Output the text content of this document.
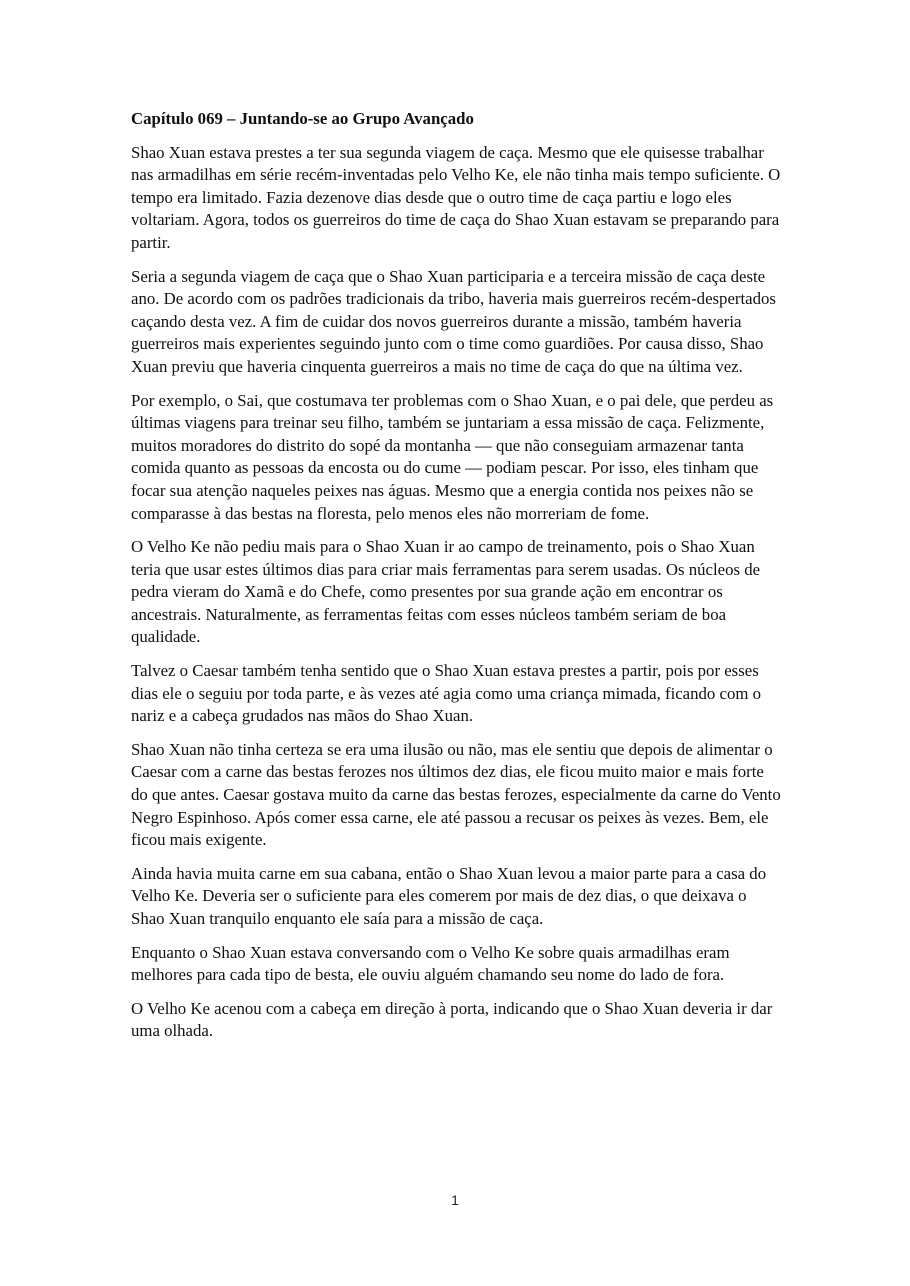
Capítulo 069 – Juntando-se ao Grupo Avançado

Shao Xuan estava prestes a ter sua segunda viagem de caça. Mesmo que ele quisesse trabalhar nas armadilhas em série recém-inventadas pelo Velho Ke, ele não tinha mais tempo suficiente. O tempo era limitado. Fazia dezenove dias desde que o outro time de caça partiu e logo eles voltariam. Agora, todos os guerreiros do time de caça do Shao Xuan estavam se preparando para partir.

Seria a segunda viagem de caça que o Shao Xuan participaria e a terceira missão de caça deste ano. De acordo com os padrões tradicionais da tribo, haveria mais guerreiros recém-despertados caçando desta vez. A fim de cuidar dos novos guerreiros durante a missão, também haveria guerreiros mais experientes seguindo junto com o time como guardiões. Por causa disso, Shao Xuan previu que haveria cinquenta guerreiros a mais no time de caça do que na última vez.

Por exemplo, o Sai, que costumava ter problemas com o Shao Xuan, e o pai dele, que perdeu as últimas viagens para treinar seu filho, também se juntariam a essa missão de caça. Felizmente, muitos moradores do distrito do sopé da montanha — que não conseguiam armazenar tanta comida quanto as pessoas da encosta ou do cume — podiam pescar. Por isso, eles tinham que focar sua atenção naqueles peixes nas águas. Mesmo que a energia contida nos peixes não se comparasse à das bestas na floresta, pelo menos eles não morreriam de fome.

O Velho Ke não pediu mais para o Shao Xuan ir ao campo de treinamento, pois o Shao Xuan teria que usar estes últimos dias para criar mais ferramentas para serem usadas. Os núcleos de pedra vieram do Xamã e do Chefe, como presentes por sua grande ação em encontrar os ancestrais. Naturalmente, as ferramentas feitas com esses núcleos também seriam de boa qualidade.

Talvez o Caesar também tenha sentido que o Shao Xuan estava prestes a partir, pois por esses dias ele o seguiu por toda parte, e às vezes até agia como uma criança mimada, ficando com o nariz e a cabeça grudados nas mãos do Shao Xuan.

Shao Xuan não tinha certeza se era uma ilusão ou não, mas ele sentiu que depois de alimentar o Caesar com a carne das bestas ferozes nos últimos dez dias, ele ficou muito maior e mais forte do que antes. Caesar gostava muito da carne das bestas ferozes, especialmente da carne do Vento Negro Espinhoso. Após comer essa carne, ele até passou a recusar os peixes às vezes. Bem, ele ficou mais exigente.

Ainda havia muita carne em sua cabana, então o Shao Xuan levou a maior parte para a casa do Velho Ke. Deveria ser o suficiente para eles comerem por mais de dez dias, o que deixava o Shao Xuan tranquilo enquanto ele saía para a missão de caça.

Enquanto o Shao Xuan estava conversando com o Velho Ke sobre quais armadilhas eram melhores para cada tipo de besta, ele ouviu alguém chamando seu nome do lado de fora.

O Velho Ke acenou com a cabeça em direção à porta, indicando que o Shao Xuan deveria ir dar uma olhada.

1
